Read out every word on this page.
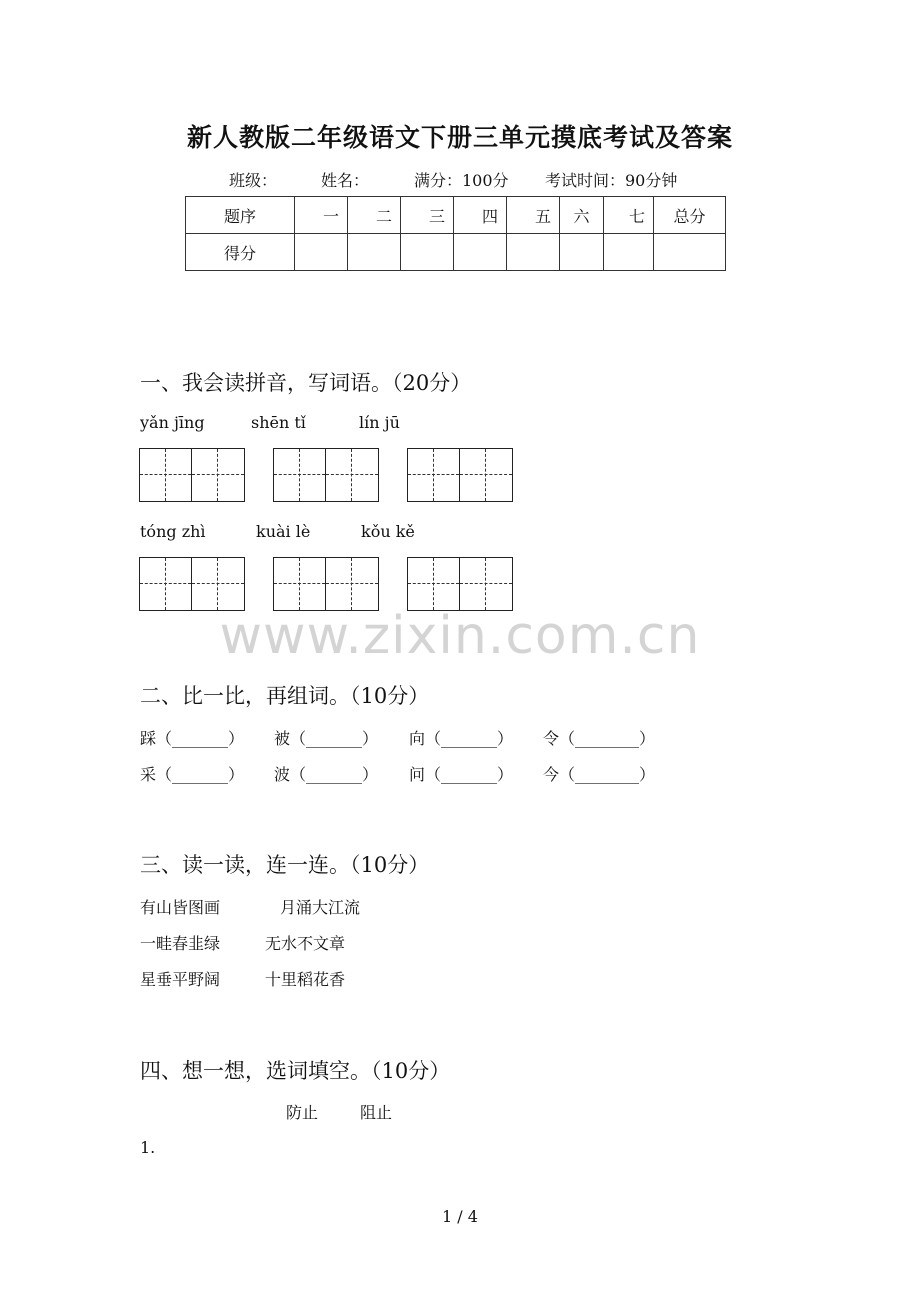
新人教版二年级语文下册三单元摸底考试及答案
班级：	姓名：	满分：100分 考试时间：90分钟
题序	一	二	三	四	五	六	七	总分
得分								
一、我会读拼音，写词语。（20分）
yǎn jīng	shēn tǐ	lín jū
tóng zhì	kuài lè	kǒu kě
www.zixin.com.cn
二、比一比，再组词。（10分）
踩（_______） 被（_______） 向（_______） 令（________）
采（_______） 波（_______） 问（_______） 今（________）
三、读一读，连一连。（10分）
有山皆图画	月涌大江流
一畦春韭绿	无水不文章
星垂平野阔	十里稻花香
四、想一想，选词填空。（10分）
防止	阻止
1.
1 / 4
